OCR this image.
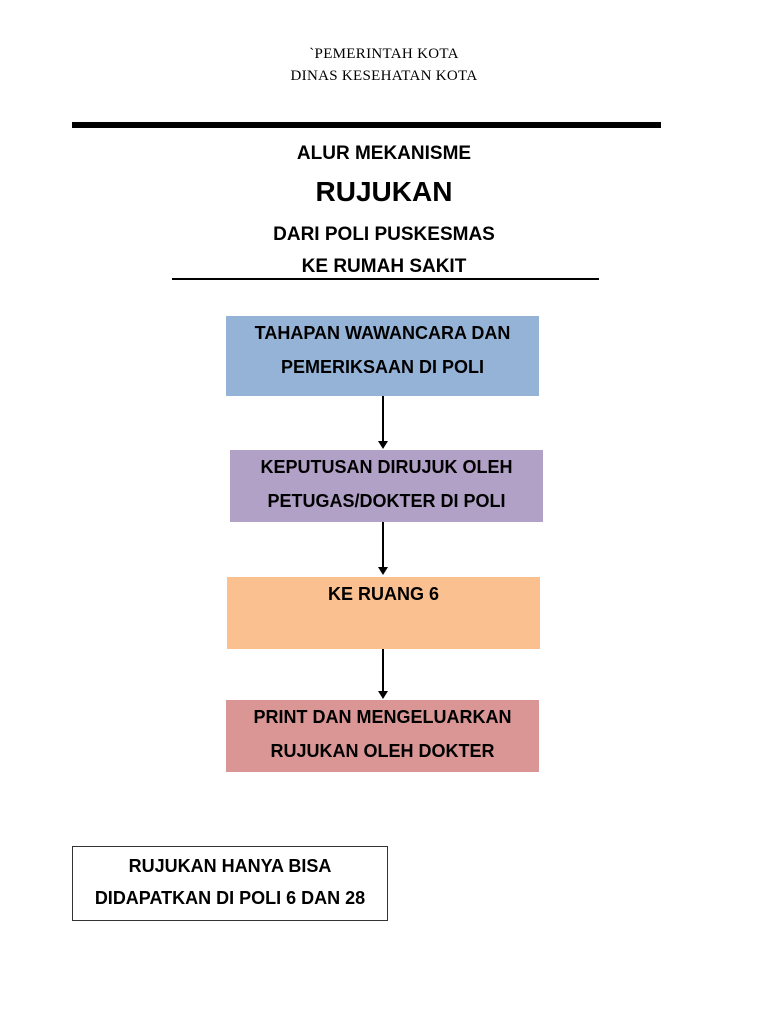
`PEMERINTAH KOTA
DINAS KESEHATAN KOTA
ALUR MEKANISME
RUJUKAN
DARI POLI PUSKESMAS
KE RUMAH SAKIT
TAHAPAN WAWANCARA DAN
PEMERIKSAAN DI POLI
KEPUTUSAN DIRUJUK OLEH
PETUGAS/DOKTER DI POLI
KE RUANG 6
PRINT DAN MENGELUARKAN
RUJUKAN OLEH DOKTER
RUJUKAN HANYA BISA
DIDAPATKAN DI POLI 6 DAN 28
